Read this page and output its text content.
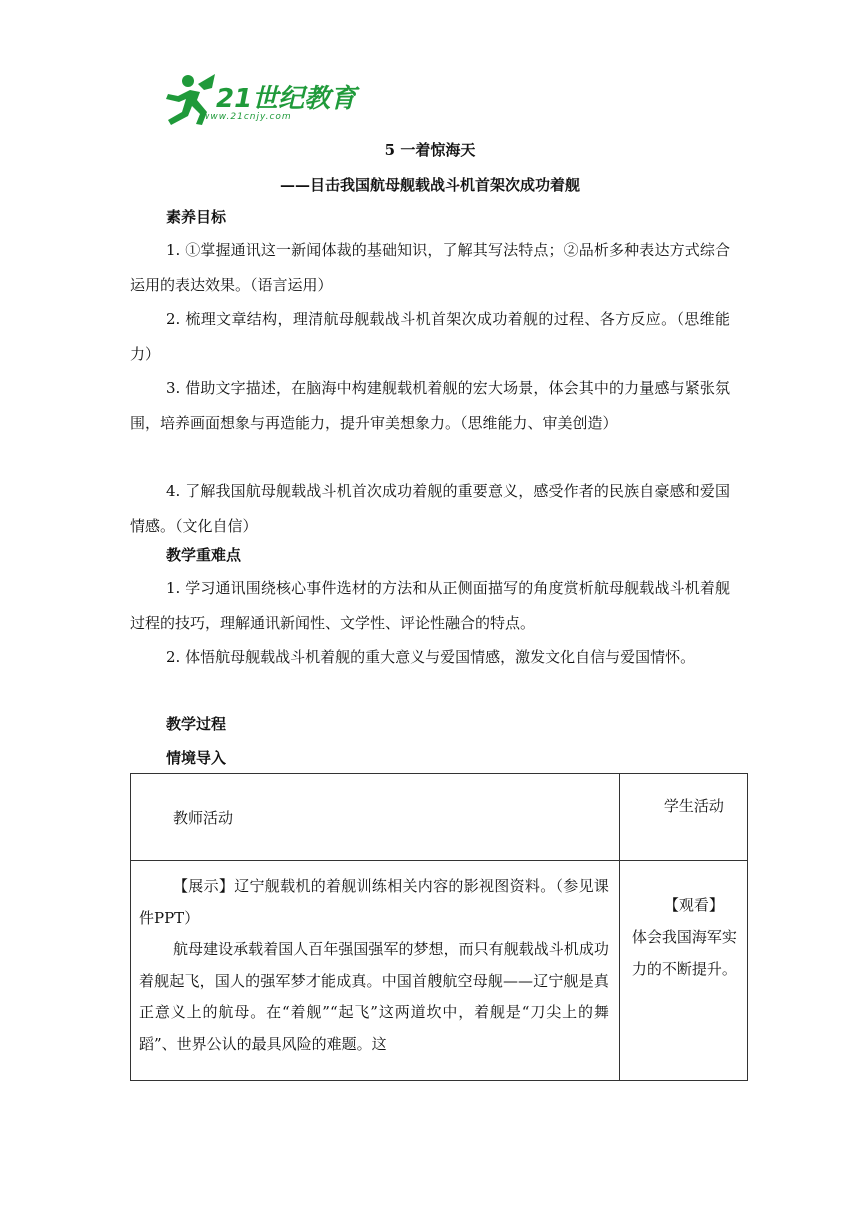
21世纪教育
www.21cnjy.com
5 一着惊海天
——目击我国航母舰载战斗机首架次成功着舰
素养目标
1. ①掌握通讯这一新闻体裁的基础知识，了解其写法特点；②品析多种表达方式综合运用的表达效果。（语言运用）
2. 梳理文章结构，理清航母舰载战斗机首架次成功着舰的过程、各方反应。（思维能力）
3. 借助文字描述，在脑海中构建舰载机着舰的宏大场景，体会其中的力量感与紧张氛围，培养画面想象与再造能力，提升审美想象力。（思维能力、审美创造）
4. 了解我国航母舰载战斗机首次成功着舰的重要意义，感受作者的民族自豪感和爱国情感。（文化自信）
教学重难点
1. 学习通讯围绕核心事件选材的方法和从正侧面描写的角度赏析航母舰载战斗机着舰过程的技巧，理解通讯新闻性、文学性、评论性融合的特点。
2. 体悟航母舰载战斗机着舰的重大意义与爱国情感，激发文化自信与爱国情怀。
教学过程
情境导入
教师活动	学生活动

【展示】辽宁舰载机的着舰训练相关内容的影视图资料。（参见课件PPT）

航母建设承载着国人百年强国强军的梦想，而只有舰载战斗机成功着舰起飞，国人的强军梦才能成真。中国首艘航空母舰——辽宁舰是真正意义上的航母。在“着舰”“起飞”这两道坎中，着舰是“刀尖上的舞蹈”、世界公认的最具风险的难题。这	【观看】体会我国海军实力的不断提升。
